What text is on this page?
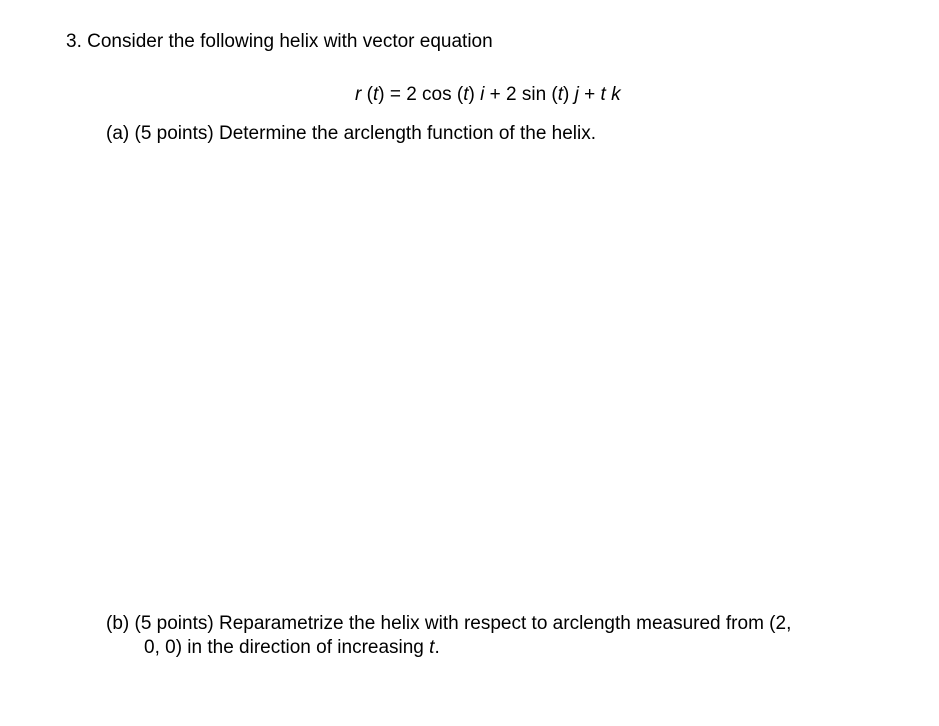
3. Consider the following helix with vector equation
r (t) = 2 cos (t) i + 2 sin (t) j + t k
(a) (5 points) Determine the arclength function of the helix.
(b) (5 points) Reparametrize the helix with respect to arclength measured from (2,
0, 0) in the direction of increasing t.
